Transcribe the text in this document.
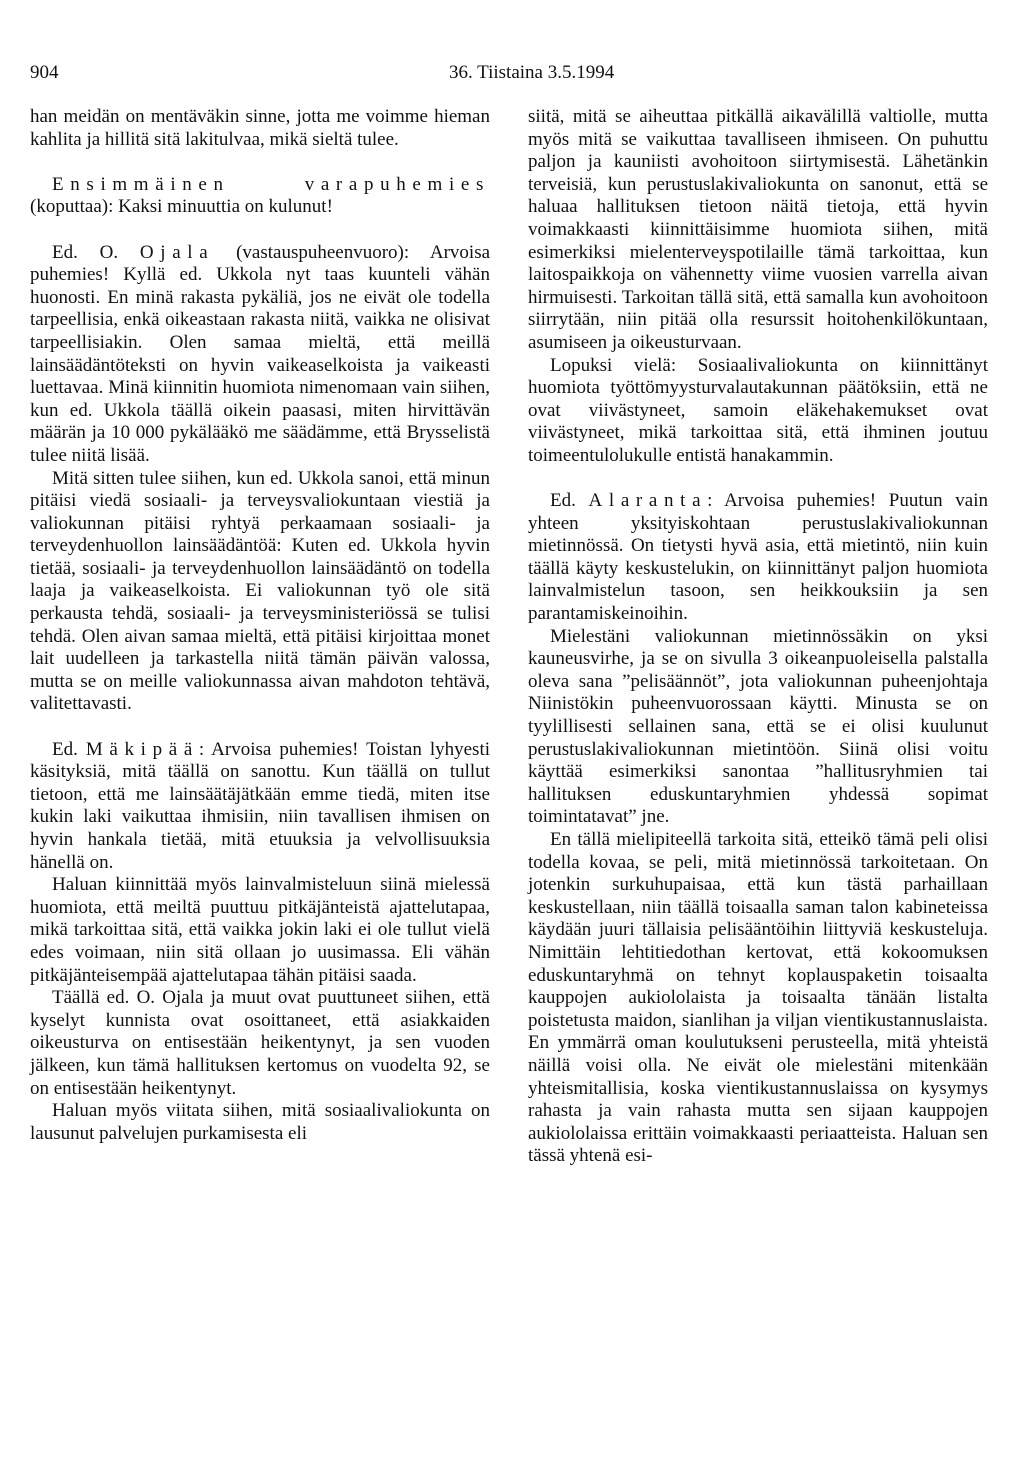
904	36. Tiistaina 3.5.1994

han meidän on mentäväkin sinne, jotta me voimme hieman kahlita ja hillitä sitä lakitulvaa, mikä sieltä tulee.

Ensimmäinen varapuhemies (koputtaa): Kaksi minuuttia on kulunut!

Ed. O. Ojala (vastauspuheenvuoro): Arvoisa puhemies! Kyllä ed. Ukkola nyt taas kuunteli vähän huonosti. En minä rakasta pykäliä, jos ne eivät ole todella tarpeellisia, enkä oikeastaan rakasta niitä, vaikka ne olisivat tarpeellisiakin. Olen samaa mieltä, että meillä lainsäädäntöteksti on hyvin vaikeaselkoista ja vaikeasti luettavaa. Minä kiinnitin huomiota nimenomaan vain siihen, kun ed. Ukkola täällä oikein paasasi, miten hirvittävän määrän ja 10 000 pykälääkö me säädämme, että Brysselistä tulee niitä lisää.

Mitä sitten tulee siihen, kun ed. Ukkola sanoi, että minun pitäisi viedä sosiaali- ja terveysvaliokuntaan viestiä ja valiokunnan pitäisi ryhtyä perkaamaan sosiaali- ja terveydenhuollon lainsäädäntöä: Kuten ed. Ukkola hyvin tietää, sosiaali- ja terveydenhuollon lainsäädäntö on todella laaja ja vaikeaselkoista. Ei valiokunnan työ ole sitä perkausta tehdä, sosiaali- ja terveysministeriössä se tulisi tehdä. Olen aivan samaa mieltä, että pitäisi kirjoittaa monet lait uudelleen ja tarkastella niitä tämän päivän valossa, mutta se on meille valiokunnassa aivan mahdoton tehtävä, valitettavasti.

Ed. Mäkipää: Arvoisa puhemies! Toistan lyhyesti käsityksiä, mitä täällä on sanottu. Kun täällä on tullut tietoon, että me lainsäätäjätkään emme tiedä, miten itse kukin laki vaikuttaa ihmisiin, niin tavallisen ihmisen on hyvin hankala tietää, mitä etuuksia ja velvollisuuksia hänellä on.

Haluan kiinnittää myös lainvalmisteluun siinä mielessä huomiota, että meiltä puuttuu pitkäjänteistä ajattelutapaa, mikä tarkoittaa sitä, että vaikka jokin laki ei ole tullut vielä edes voimaan, niin sitä ollaan jo uusimassa. Eli vähän pitkäjänteisempää ajattelutapaa tähän pitäisi saada.

Täällä ed. O. Ojala ja muut ovat puuttuneet siihen, että kyselyt kunnista ovat osoittaneet, että asiakkaiden oikeusturva on entisestään heikentynyt, ja sen vuoden jälkeen, kun tämä hallituksen kertomus on vuodelta 92, se on entisestään heikentynyt.

Haluan myös viitata siihen, mitä sosiaalivaliokunta on lausunut palvelujen purkamisesta eli

siitä, mitä se aiheuttaa pitkällä aikavälillä valtiolle, mutta myös mitä se vaikuttaa tavalliseen ihmiseen. On puhuttu paljon ja kauniisti avohoitoon siirtymisestä. Lähetänkin terveisiä, kun perustuslakivaliokunta on sanonut, että se haluaa hallituksen tietoon näitä tietoja, että hyvin voimakkaasti kiinnittäisimme huomiota siihen, mitä esimerkiksi mielenterveyspotilaille tämä tarkoittaa, kun laitospaikkoja on vähennetty viime vuosien varrella aivan hirmuisesti. Tarkoitan tällä sitä, että samalla kun avohoitoon siirrytään, niin pitää olla resurssit hoitohenkilökuntaan, asumiseen ja oikeusturvaan.

Lopuksi vielä: Sosiaalivaliokunta on kiinnittänyt huomiota työttömyysturvalautakunnan päätöksiin, että ne ovat viivästyneet, samoin eläkehakemukset ovat viivästyneet, mikä tarkoittaa sitä, että ihminen joutuu toimeentulolukulle entistä hanakammin.

Ed. Alaranta: Arvoisa puhemies! Puutun vain yhteen yksityiskohtaan perustuslakivaliokunnan mietinnössä. On tietysti hyvä asia, että mietintö, niin kuin täällä käyty keskustelukin, on kiinnittänyt paljon huomiota lainvalmistelun tasoon, sen heikkouksiin ja sen parantamiskeinoihin.

Mielestäni valiokunnan mietinnössäkin on yksi kauneusvirhe, ja se on sivulla 3 oikeanpuoleisella palstalla oleva sana ”pelisäännöt”, jota valiokunnan puheenjohtaja Niinistökin puheenvuorossaan käytti. Minusta se on tyylillisesti sellainen sana, että se ei olisi kuulunut perustuslakivaliokunnan mietintöön. Siinä olisi voitu käyttää esimerkiksi sanontaa ”hallitusryhmien tai hallituksen eduskuntaryhmien yhdessä sopimat toimintatavat” jne.

En tällä mielipiteellä tarkoita sitä, etteikö tämä peli olisi todella kovaa, se peli, mitä mietinnössä tarkoitetaan. On jotenkin surkuhupaisaa, että kun tästä parhaillaan keskustellaan, niin täällä toisaalla saman talon kabineteissa käydään juuri tällaisia pelisääntöihin liittyviä keskusteluja. Nimittäin lehtitiedothan kertovat, että kokoomuksen eduskuntaryhmä on tehnyt koplauspaketin toisaalta kauppojen aukiololaista ja toisaalta tänään listalta poistetusta maidon, sianlihan ja viljan vientikustannuslaista. En ymmärrä oman koulutukseni perusteella, mitä yhteistä näillä voisi olla. Ne eivät ole mielestäni mitenkään yhteismitallisia, koska vientikustannuslaissa on kysymys rahasta ja vain rahasta mutta sen sijaan kauppojen aukiololaissa erittäin voimakkaasti periaatteista. Haluan sen tässä yhtenä esi-
